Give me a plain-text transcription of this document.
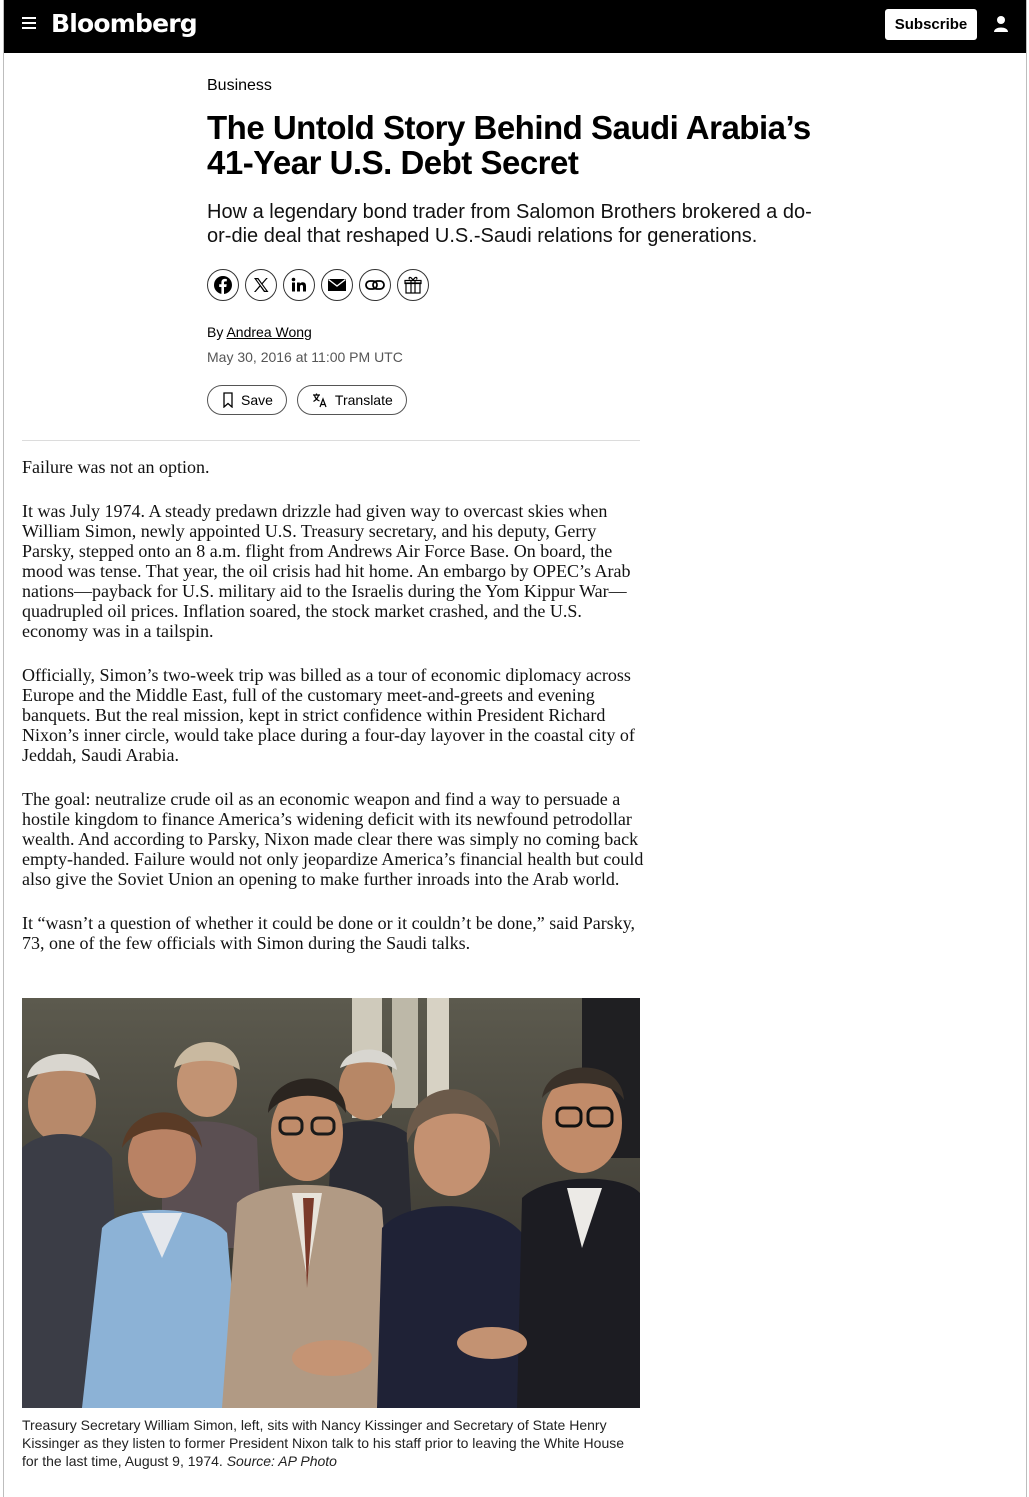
Bloomberg	Subscribe
Business
The Untold Story Behind Saudi Arabia’s 41-Year U.S. Debt Secret

How a legendary bond trader from Salomon Brothers brokered a do-or-die deal that reshaped U.S.-Saudi relations for generations.

By Andrea Wong
May 30, 2016 at 11:00 PM UTC
Save	Translate

Failure was not an option.

It was July 1974. A steady predawn drizzle had given way to overcast skies when William Simon, newly appointed U.S. Treasury secretary, and his deputy, Gerry Parsky, stepped onto an 8 a.m. flight from Andrews Air Force Base. On board, the mood was tense. That year, the oil crisis had hit home. An embargo by OPEC’s Arab nations—payback for U.S. military aid to the Israelis during the Yom Kippur War—quadrupled oil prices. Inflation soared, the stock market crashed, and the U.S. economy was in a tailspin.

Officially, Simon’s two-week trip was billed as a tour of economic diplomacy across Europe and the Middle East, full of the customary meet-and-greets and evening banquets. But the real mission, kept in strict confidence within President Richard Nixon’s inner circle, would take place during a four-day layover in the coastal city of Jeddah, Saudi Arabia.

The goal: neutralize crude oil as an economic weapon and find a way to persuade a hostile kingdom to finance America’s widening deficit with its newfound petrodollar wealth. And according to Parsky, Nixon made clear there was simply no coming back empty-handed. Failure would not only jeopardize America’s financial health but could also give the Soviet Union an opening to make further inroads into the Arab world.

It “wasn’t a question of whether it could be done or it couldn’t be done,” said Parsky, 73, one of the few officials with Simon during the Saudi talks.

Treasury Secretary William Simon, left, sits with Nancy Kissinger and Secretary of State Henry Kissinger as they listen to former President Nixon talk to his staff prior to leaving the White House for the last time, August 9, 1974. Source: AP Photo
